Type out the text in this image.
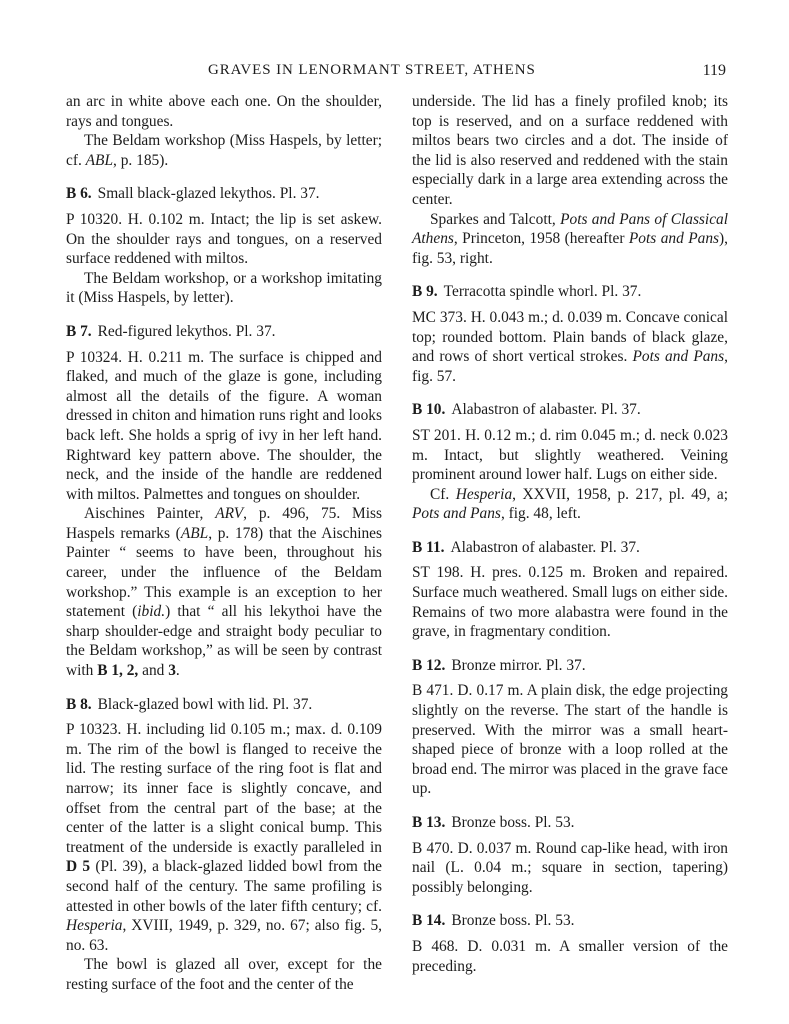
GRAVES IN LENORMANT STREET, ATHENS	119

an arc in white above each one. On the shoulder, rays and tongues.

The Beldam workshop (Miss Haspels, by letter; cf. ABL, p. 185).

B 6. Small black-glazed lekythos. Pl. 37.

P 10320. H. 0.102 m. Intact; the lip is set askew. On the shoulder rays and tongues, on a reserved surface reddened with miltos.

The Beldam workshop, or a workshop imitating it (Miss Haspels, by letter).

B 7. Red-figured lekythos. Pl. 37.

P 10324. H. 0.211 m. The surface is chipped and flaked, and much of the glaze is gone, including almost all the details of the figure. A woman dressed in chiton and himation runs right and looks back left. She holds a sprig of ivy in her left hand. Rightward key pattern above. The shoulder, the neck, and the inside of the handle are reddened with miltos. Palmettes and tongues on shoulder.

Aischines Painter, ARV, p. 496, 75. Miss Haspels remarks (ABL, p. 178) that the Aischines Painter “ seems to have been, throughout his career, under the influence of the Beldam workshop.” This example is an exception to her statement (ibid.) that “ all his lekythoi have the sharp shoulder-edge and straight body peculiar to the Beldam workshop,” as will be seen by contrast with B 1, 2, and 3.

B 8. Black-glazed bowl with lid. Pl. 37.

P 10323. H. including lid 0.105 m.; max. d. 0.109 m. The rim of the bowl is flanged to receive the lid. The resting surface of the ring foot is flat and narrow; its inner face is slightly concave, and offset from the central part of the base; at the center of the latter is a slight conical bump. This treatment of the underside is exactly paralleled in D 5 (Pl. 39), a black-glazed lidded bowl from the second half of the century. The same profiling is attested in other bowls of the later fifth century; cf. Hesperia, XVIII, 1949, p. 329, no. 67; also fig. 5, no. 63.

The bowl is glazed all over, except for the resting surface of the foot and the center of the

underside. The lid has a finely profiled knob; its top is reserved, and on a surface reddened with miltos bears two circles and a dot. The inside of the lid is also reserved and reddened with the stain especially dark in a large area extending across the center.

Sparkes and Talcott, Pots and Pans of Classical Athens, Princeton, 1958 (hereafter Pots and Pans), fig. 53, right.

B 9. Terracotta spindle whorl. Pl. 37.

MC 373. H. 0.043 m.; d. 0.039 m. Concave conical top; rounded bottom. Plain bands of black glaze, and rows of short vertical strokes. Pots and Pans, fig. 57.

B 10. Alabastron of alabaster. Pl. 37.

ST 201. H. 0.12 m.; d. rim 0.045 m.; d. neck 0.023 m. Intact, but slightly weathered. Veining prominent around lower half. Lugs on either side.

Cf. Hesperia, XXVII, 1958, p. 217, pl. 49, a; Pots and Pans, fig. 48, left.

B 11. Alabastron of alabaster. Pl. 37.

ST 198. H. pres. 0.125 m. Broken and repaired. Surface much weathered. Small lugs on either side. Remains of two more alabastra were found in the grave, in fragmentary condition.

B 12. Bronze mirror. Pl. 37.

B 471. D. 0.17 m. A plain disk, the edge projecting slightly on the reverse. The start of the handle is preserved. With the mirror was a small heart-shaped piece of bronze with a loop rolled at the broad end. The mirror was placed in the grave face up.

B 13. Bronze boss. Pl. 53.

B 470. D. 0.037 m. Round cap-like head, with iron nail (L. 0.04 m.; square in section, tapering) possibly belonging.

B 14. Bronze boss. Pl. 53.

B 468. D. 0.031 m. A smaller version of the preceding.
